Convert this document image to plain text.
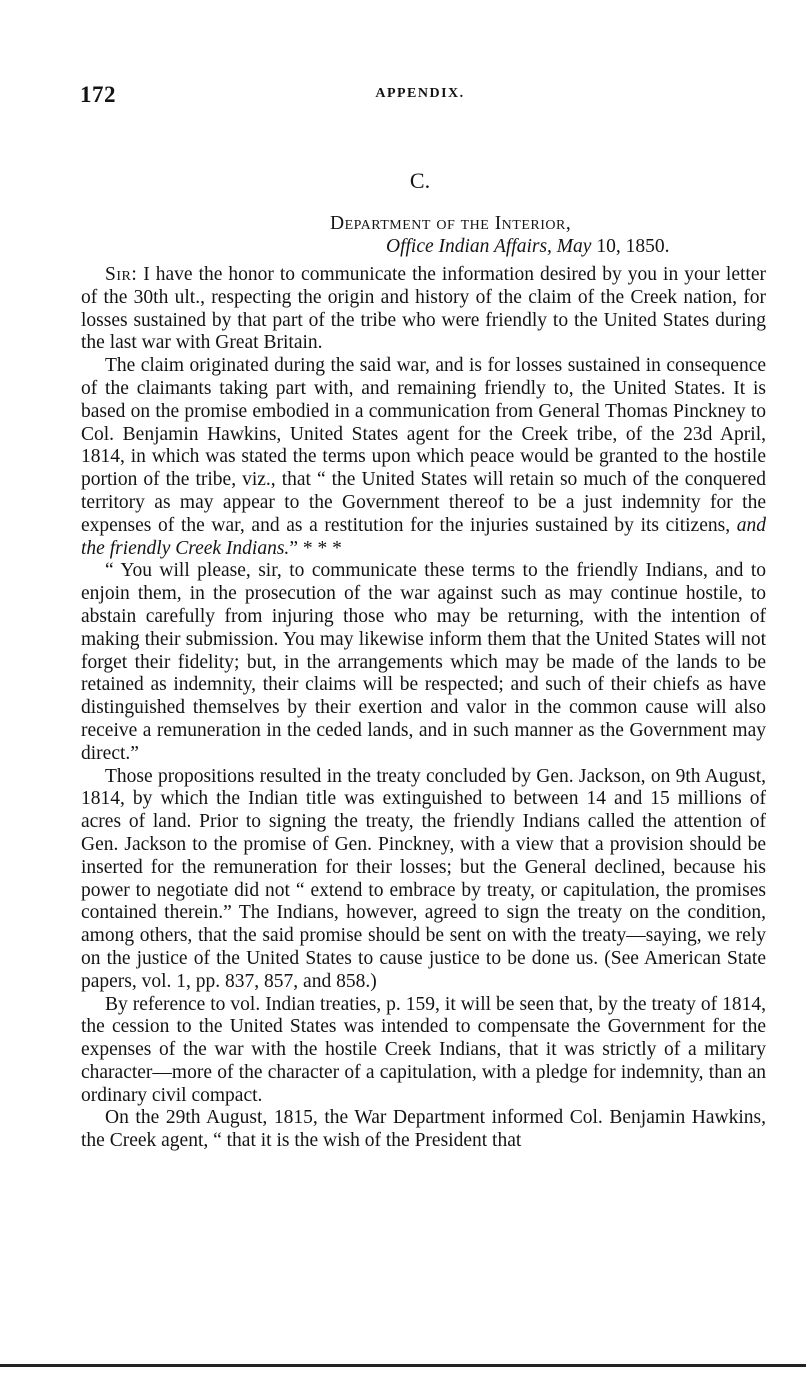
172	APPENDIX.
C.
Department of the Interior,
Office Indian Affairs, May 10, 1850.

Sir: I have the honor to communicate the information desired by you in your letter of the 30th ult., respecting the origin and history of the claim of the Creek nation, for losses sustained by that part of the tribe who were friendly to the United States during the last war with Great Britain.

The claim originated during the said war, and is for losses sustained in consequence of the claimants taking part with, and remaining friendly to, the United States. It is based on the promise embodied in a communication from General Thomas Pinckney to Col. Benjamin Hawkins, United States agent for the Creek tribe, of the 23d April, 1814, in which was stated the terms upon which peace would be granted to the hostile portion of the tribe, viz., that “ the United States will retain so much of the conquered territory as may appear to the Government thereof to be a just indemnity for the expenses of the war, and as a restitution for the injuries sustained by its citizens, and the friendly Creek Indians.” * * *

“ You will please, sir, to communicate these terms to the friendly Indians, and to enjoin them, in the prosecution of the war against such as may continue hostile, to abstain carefully from injuring those who may be returning, with the intention of making their submission. You may likewise inform them that the United States will not forget their fidelity; but, in the arrangements which may be made of the lands to be retained as indemnity, their claims will be respected; and such of their chiefs as have distinguished themselves by their exertion and valor in the common cause will also receive a remuneration in the ceded lands, and in such manner as the Government may direct.”

Those propositions resulted in the treaty concluded by Gen. Jackson, on 9th August, 1814, by which the Indian title was extinguished to between 14 and 15 millions of acres of land. Prior to signing the treaty, the friendly Indians called the attention of Gen. Jackson to the promise of Gen. Pinckney, with a view that a provision should be inserted for the remuneration for their losses; but the General declined, because his power to negotiate did not “ extend to embrace by treaty, or capitulation, the promises contained therein.” The Indians, however, agreed to sign the treaty on the condition, among others, that the said promise should be sent on with the treaty—saying, we rely on the justice of the United States to cause justice to be done us. (See American State papers, vol. 1, pp. 837, 857, and 858.)

By reference to vol. Indian treaties, p. 159, it will be seen that, by the treaty of 1814, the cession to the United States was intended to compensate the Government for the expenses of the war with the hostile Creek Indians, that it was strictly of a military character—more of the character of a capitulation, with a pledge for indemnity, than an ordinary civil compact.

On the 29th August, 1815, the War Department informed Col. Benjamin Hawkins, the Creek agent, “ that it is the wish of the President that
